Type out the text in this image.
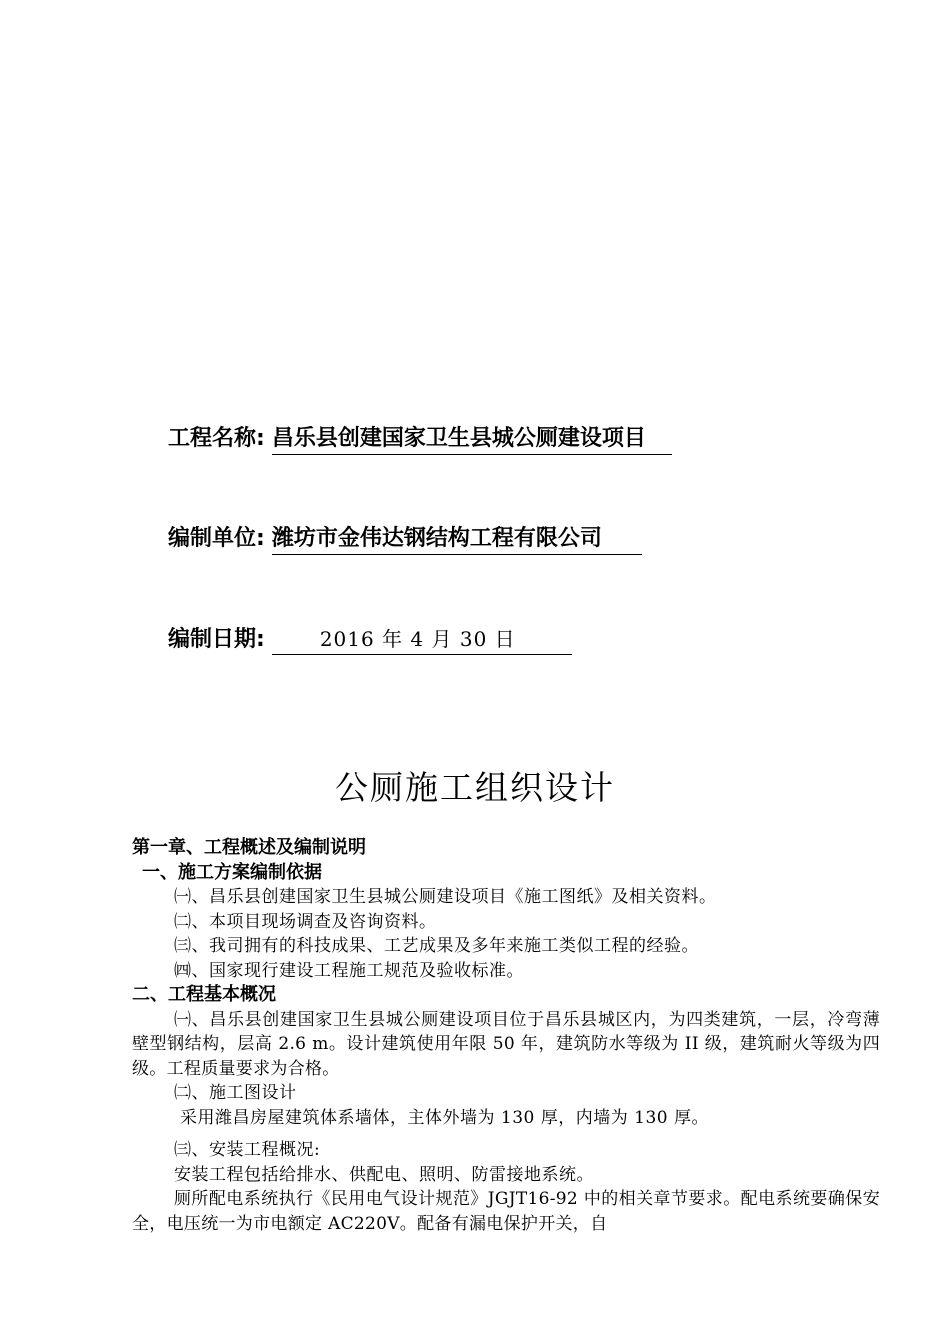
工程名称: 昌乐县创建国家卫生县城公厕建设项目
编制单位: 潍坊市金伟达钢结构工程有限公司
编制日期:	2016 年 4 月 30 日
公厕施工组织设计
第一章、工程概述及编制说明
一、施工方案编制依据
㈠、昌乐县创建国家卫生县城公厕建设项目《施工图纸》及相关资料。
㈡、本项目现场调查及咨询资料。
㈢、我司拥有的科技成果、工艺成果及多年来施工类似工程的经验。
㈣、国家现行建设工程施工规范及验收标准。
二、工程基本概况
㈠、昌乐县创建国家卫生县城公厕建设项目位于昌乐县城区内，为四类建筑，一层，冷弯薄壁型钢结构，层高 2.6 m。设计建筑使用年限 50 年，建筑防水等级为 II 级，建筑耐火等级为四级。工程质量要求为合格。
㈡、施工图设计
采用潍昌房屋建筑体系墙体，主体外墙为 130 厚，内墙为 130 厚。
㈢、安装工程概况:
安装工程包括给排水、供配电、照明、防雷接地系统。
厕所配电系统执行《民用电气设计规范》JGJT16-92 中的相关章节要求。配电系统要确保安全，电压统一为市电额定 AC220V。配备有漏电保护开关，自
